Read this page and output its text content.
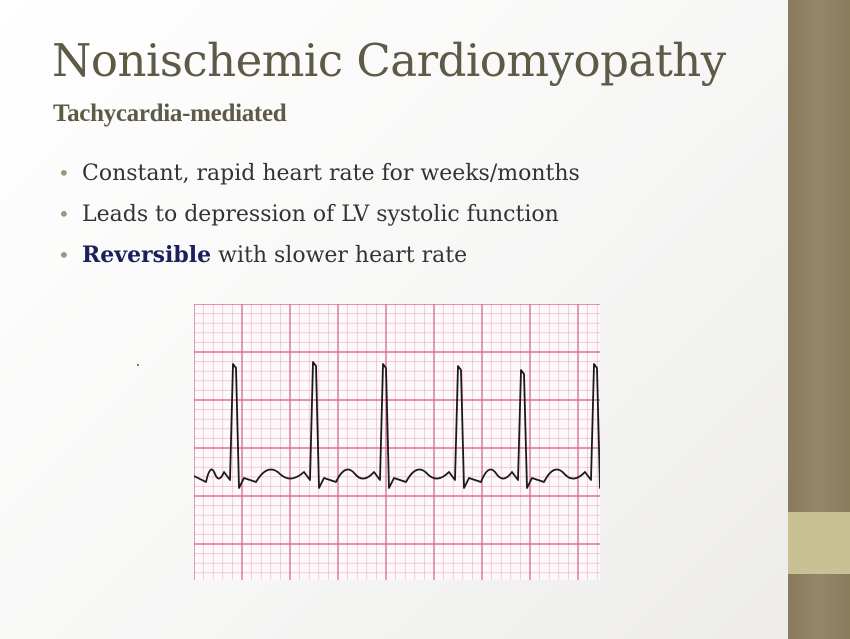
Nonischemic Cardiomyopathy
Tachycardia-mediated
• Constant, rapid heart rate for weeks/months
• Leads to depression of LV systolic function
• Reversible with slower heart rate
